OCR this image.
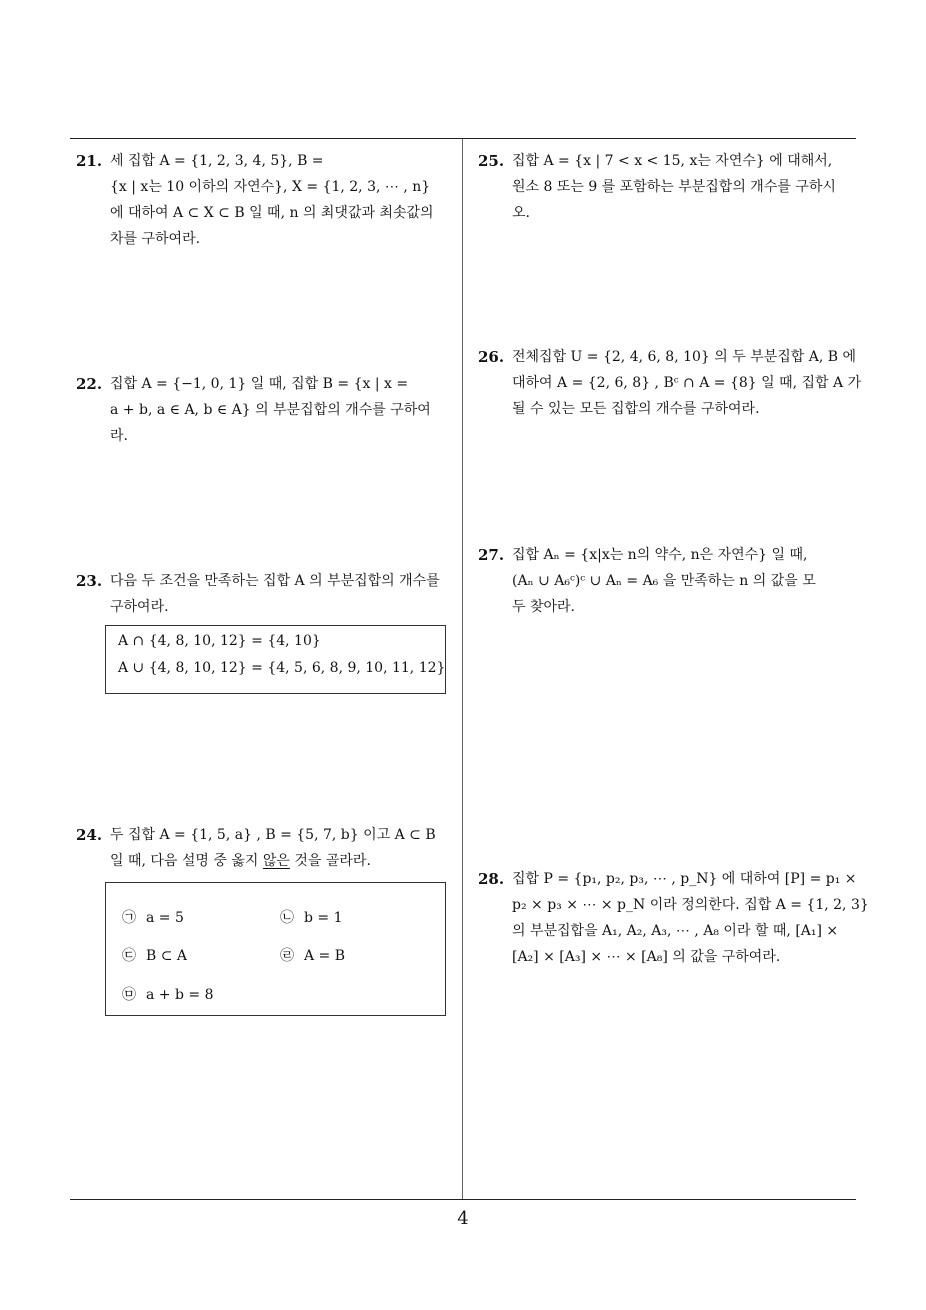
21. 세 집합 A = {1, 2, 3, 4, 5}, B =
{x | x는 10 이하의 자연수}, X = {1, 2, 3, ⋯ , n}
에 대하여 A ⊂ X ⊂ B 일 때, n 의 최댓값과 최솟값의
차를 구하여라.
22. 집합 A = {−1, 0, 1} 일 때, 집합 B = {x | x =
a + b, a ∈ A, b ∈ A} 의 부분집합의 개수를 구하여
라.
23. 다음 두 조건을 만족하는 집합 A 의 부분집합의 개수를
구하여라.
A ∩ {4, 8, 10, 12} = {4, 10}
A ∪ {4, 8, 10, 12} = {4, 5, 6, 8, 9, 10, 11, 12}
24. 두 집합 A = {1, 5, a} , B = {5, 7, b} 이고 A ⊂ B
일 때, 다음 설명 중 옳지 않은 것을 골라라.
㉠ a = 5	㉡ b = 1
㉢ B ⊂ A	㉣ A = B
㉤ a + b = 8
25. 집합 A = {x | 7 < x < 15, x는 자연수} 에 대해서,
원소 8 또는 9 를 포함하는 부분집합의 개수를 구하시
오.
26. 전체집합 U = {2, 4, 6, 8, 10} 의 두 부분집합 A, B 에
대하여 A = {2, 6, 8} , Bᶜ ∩ A = {8} 일 때, 집합 A 가
될 수 있는 모든 집합의 개수를 구하여라.
27. 집합 Aₙ = {x|x는 n의 약수, n은 자연수} 일 때,
(Aₙ ∪ A₆ᶜ)ᶜ ∪ Aₙ = A₆ 을 만족하는 n 의 값을 모
두 찾아라.
28. 집합 P = {p₁, p₂, p₃, ⋯ , p_N} 에 대하여 [P] = p₁ ×
p₂ × p₃ × ⋯ × p_N 이라 정의한다. 집합 A = {1, 2, 3}
의 부분집합을 A₁, A₂, A₃, ⋯ , A₈ 이라 할 때, [A₁] ×
[A₂] × [A₃] × ⋯ × [A₈] 의 값을 구하여라.
4
